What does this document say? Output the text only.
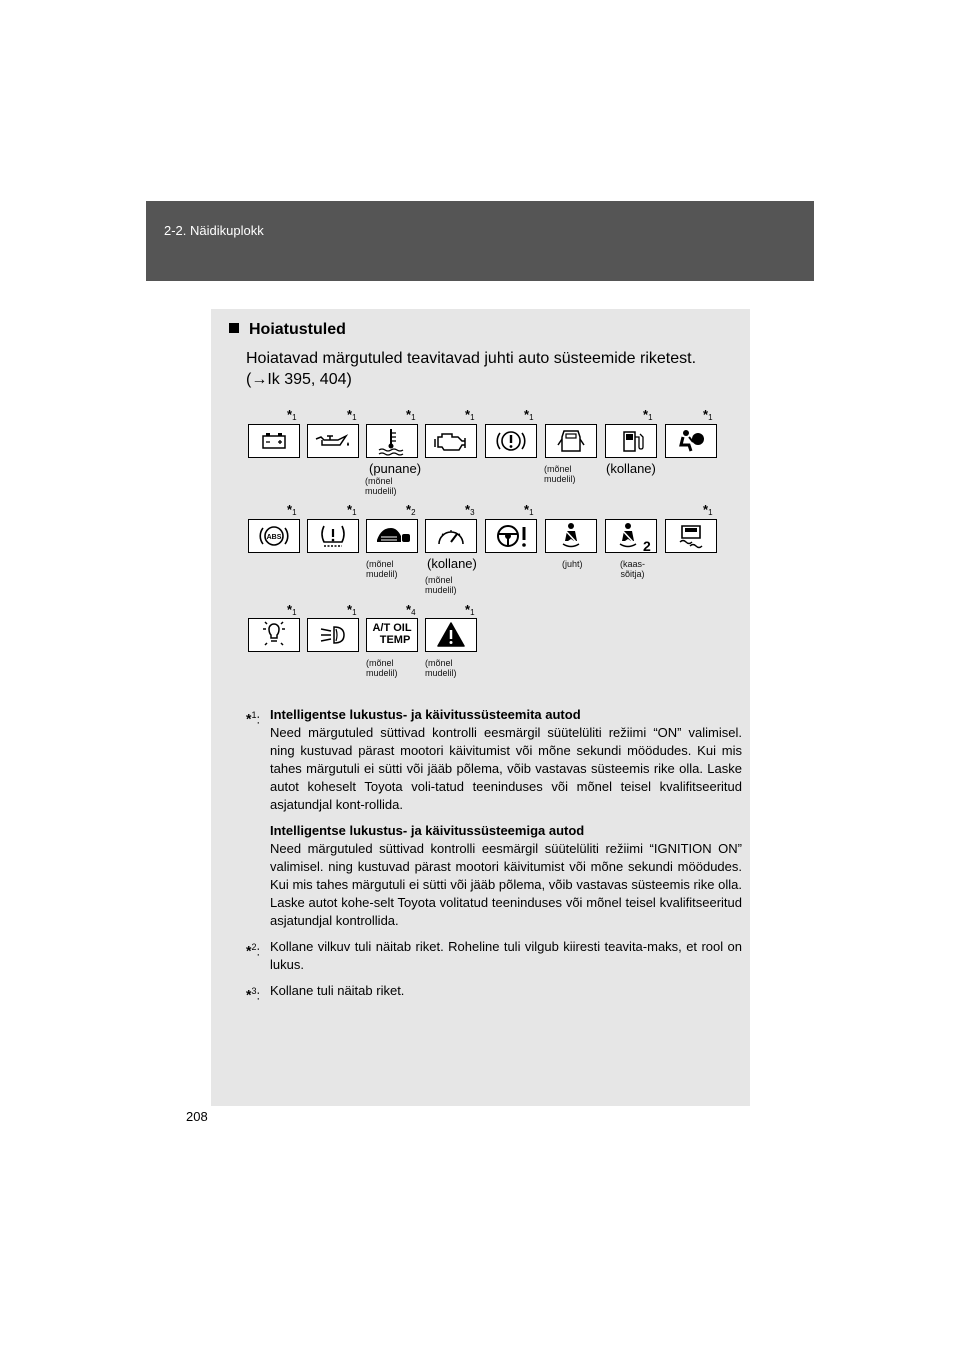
2-2. Näidikuplokk
Hoiatustuled
Hoiatavad märgutuled teavitavad juhti auto süsteemide riketest.
(→Ik 395, 404)
$*_1$	$*_1$	$*_1$	$*_1$	$*_1$	$*_1$	$*_1$
(punane)
(mõnel
mudelil)
(mõnel
mudelil)
(kollane)
$*_1$	$*_1$	$*_2$	$*_3$	$*_1$	$*_1$
ABS
2
(mõnel
mudelil)
(kollane)
(mõnel
mudelil)
(juht)	(kaas-
sõitja)
$*_1$	$*_1$	$*_4$	$*_1$
A/T OIL
TEMP
(mõnel
mudelil)
(mõnel
mudelil)
*$^1$: Intelligentse lukustus- ja käivitussüsteemita autod

Need märgutuled süttivad kontrolli eesmärgil süütelüliti režiimi “ON” valimisel. ning kustuvad pärast mootori käivitumist või mõne sekundi möödudes. Kui mis tahes märgutuli ei sütti või jääb põlema, võib vastavas süsteemis rike olla. Laske autot koheselt Toyota voli-tatud teeninduses või mõnel teisel kvalifitseeritud asjatundjal kont-rollida.

Intelligentse lukustus- ja käivitussüsteemiga autod

Need märgutuled süttivad kontrolli eesmärgil süütelüliti režiimi “IGNITION ON” valimisel. ning kustuvad pärast mootori käivitumist või mõne sekundi möödudes. Kui mis tahes märgutuli ei sütti või jääb põlema, võib vastavas süsteemis rike olla. Laske autot kohe-selt Toyota volitatud teeninduses või mõnel teisel kvalifitseeritud asjatundjal kontrollida.

*$^2$: Kollane vilkuv tuli näitab riket. Roheline tuli vilgub kiiresti teavita-maks, et rool on lukus.

*$^3$: Kollane tuli näitab riket.

208
